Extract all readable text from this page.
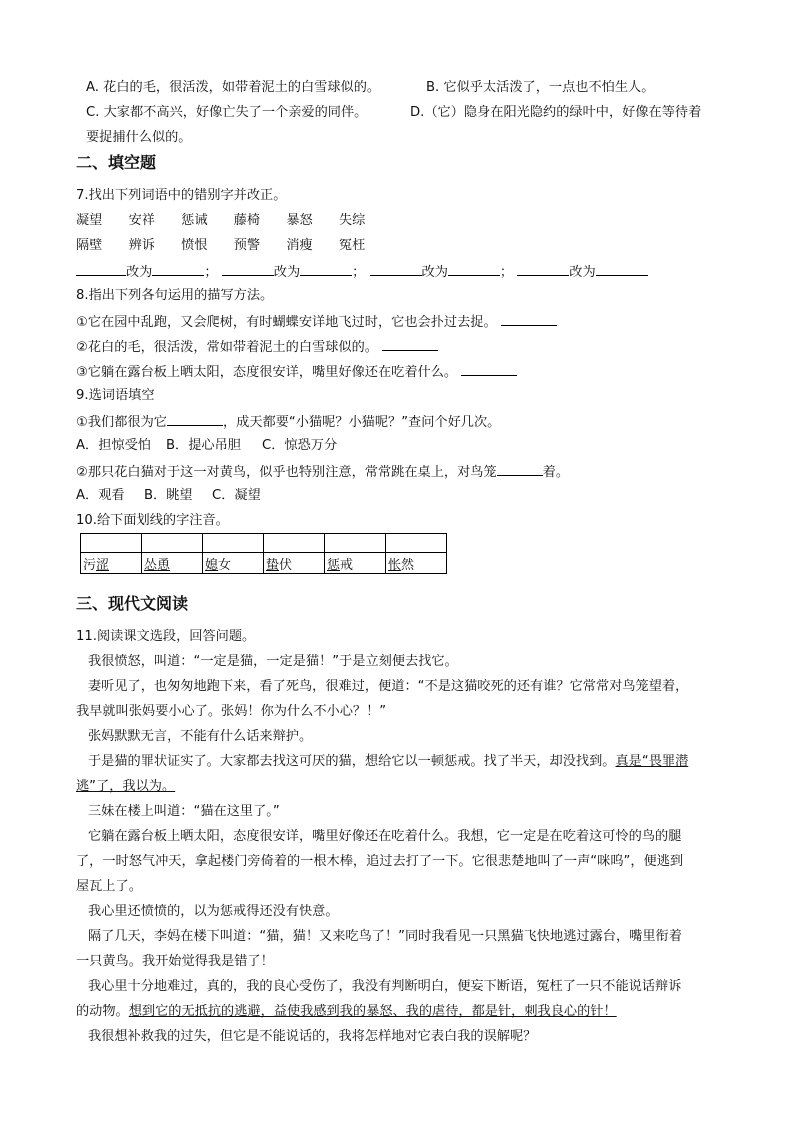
A. 花白的毛，很活泼，如带着泥土的白雪球似的。	B. 它似乎太活泼了，一点也不怕生人。
C. 大家都不高兴，好像亡失了一个亲爱的同伴。	D.（它）隐身在阳光隐约的绿叶中，好像在等待着
要捉捕什么似的。
二、填空题
7.找出下列词语中的错别字并改正。
凝望 安祥 惩诫 藤椅 暴怒 失综
隔壁 辨诉 愤恨 预警 消瘦 冤枉
改为	；	改为	；	改为	；	改为
8.指出下列各句运用的描写方法。
①它在园中乱跑，又会爬树，有时蝴蝶安详地飞过时，它也会扑过去捉。
②花白的毛，很活泼，常如带着泥土的白雪球似的。
③它躺在露台板上晒太阳，态度很安详，嘴里好像还在吃着什么。
9.选词语填空
①我们都很为它	，成天都要“小猫呢？小猫呢？”查问个好几次。
A．担惊受怕 B．提心吊胆 C．惊恐万分
②那只花白猫对于这一对黄鸟，似乎也特别注意，常常跳在桌上，对鸟笼	着。
A．观看 B．眺望 C．凝望
10.给下面划线的字注音。

污涩	怂恿	媳女	蛰伏	惩戒	怅然
三、现代文阅读
11.阅读课文选段，回答问题。
我很愤怒，叫道：“一定是猫，一定是猫！”于是立刻便去找它。
妻听见了，也匆匆地跑下来，看了死鸟，很难过，便道：“不是这猫咬死的还有谁？它常常对鸟笼望着，
我早就叫张妈要小心了。张妈！你为什么不小心？！”
张妈默默无言，不能有什么话来辩护。
于是猫的罪状证实了。大家都去找这可厌的猫，想给它以一顿惩戒。找了半天，却没找到。真是“畏罪潜
逃”了，我以为。
三妹在楼上叫道：“猫在这里了。”
它躺在露台板上晒太阳，态度很安详，嘴里好像还在吃着什么。我想，它一定是在吃着这可怜的鸟的腿
了，一时怒气冲天，拿起楼门旁倚着的一根木棒，追过去打了一下。它很悲楚地叫了一声“咪呜”，便逃到
屋瓦上了。
我心里还愤愤的，以为惩戒得还没有快意。
隔了几天，李妈在楼下叫道：“猫，猫！又来吃鸟了！”同时我看见一只黑猫飞快地逃过露台，嘴里衔着
一只黄鸟。我开始觉得我是错了！
我心里十分地难过，真的，我的良心受伤了，我没有判断明白，便妄下断语，冤枉了一只不能说话辩诉
的动物。想到它的无抵抗的逃避，益使我感到我的暴怒、我的虐待，都是针，刺我良心的针！
我很想补救我的过失，但它是不能说话的，我将怎样地对它表白我的误解呢？
